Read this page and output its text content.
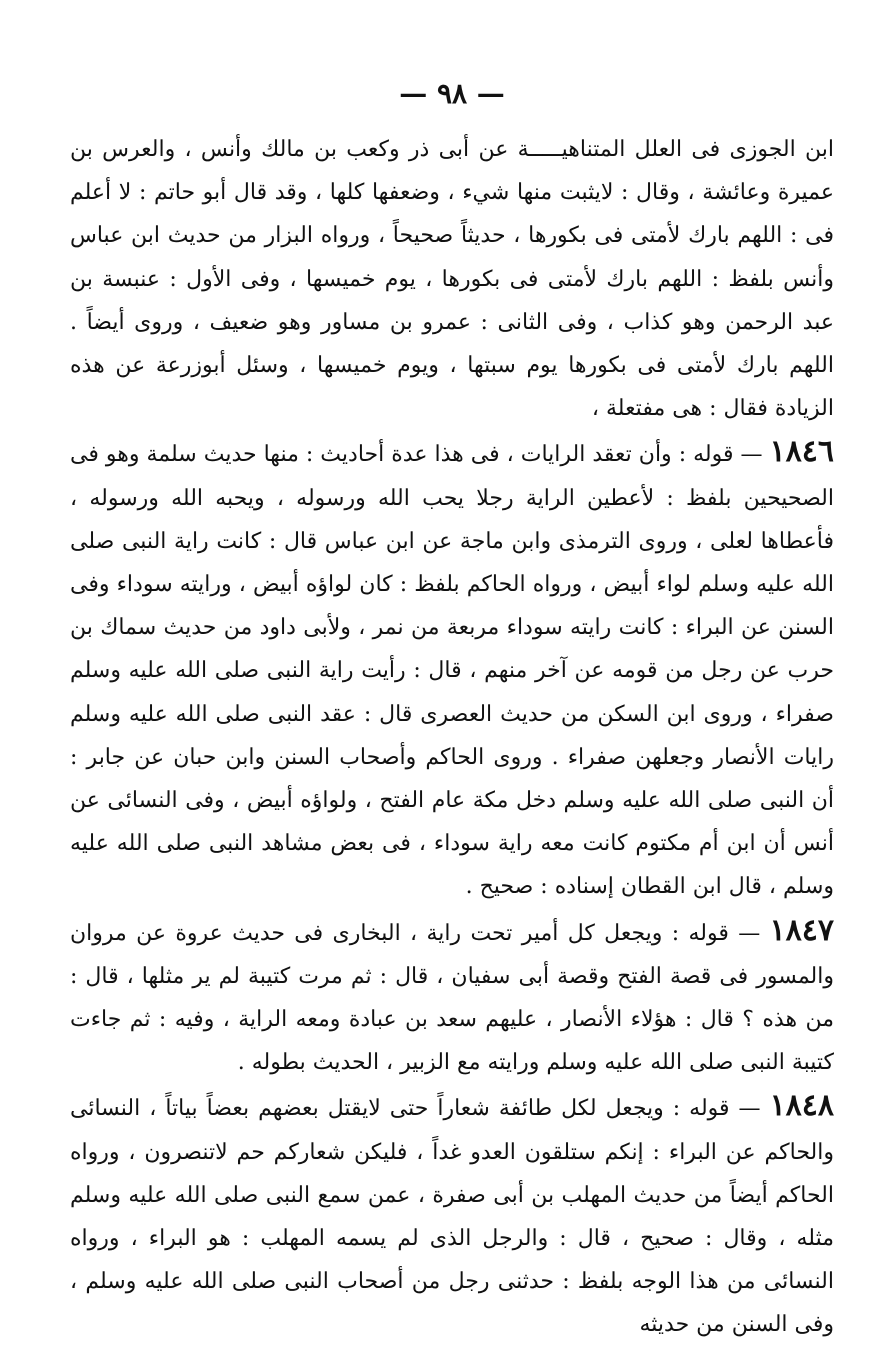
— ٩٨ —

ابن الجوزى فى العلل المتناهيـــــة عن أبى ذر وكعب بن مالك وأنس ، والعرس بن عميرة وعائشة ، وقال : لايثبت منها شيء ، وضعفها كلها ، وقد قال أبو حاتم : لا أعلم فى : اللهم بارك لأمتى فى بكورها ، حديثاً صحيحاً ، ورواه البزار من حديث ابن عباس وأنس بلفظ : اللهم بارك لأمتى فى بكورها ، يوم خميسها ، وفى الأول : عنبسة بن عبد الرحمن وهو كذاب ، وفى الثانى : عمرو بن مساور وهو ضعيف ، وروى أيضاً . اللهم بارك لأمتى فى بكورها يوم سبتها ، ويوم خميسها ، وسئل أبوزرعة عن هذه الزيادة فقال : هى مفتعلة ،

١٨٤٦ — قوله : وأن تعقد الرايات ، فى هذا عدة أحاديث : منها حديث سلمة وهو فى الصحيحين بلفظ : لأعطين الراية رجلا يحب الله ورسوله ، ويحبه الله ورسوله ، فأعطاها لعلى ، وروى الترمذى وابن ماجة عن ابن عباس قال : كانت راية النبى صلى الله عليه وسلم لواء أبيض ، ورواه الحاكم بلفظ : كان لواؤه أبيض ، ورايته سوداء وفى السنن عن البراء : كانت رايته سوداء مربعة من نمر ، ولأبى داود من حديث سماك بن حرب عن رجل من قومه عن آخر منهم ، قال : رأيت راية النبى صلى الله عليه وسلم صفراء ، وروى ابن السكن من حديث العصرى قال : عقد النبى صلى الله عليه وسلم رايات الأنصار وجعلهن صفراء . وروى الحاكم وأصحاب السنن وابن حبان عن جابر : أن النبى صلى الله عليه وسلم دخل مكة عام الفتح ، ولواؤه أبيض ، وفى النسائى عن أنس أن ابن أم مكتوم كانت معه راية سوداء ، فى بعض مشاهد النبى صلى الله عليه وسلم ، قال ابن القطان إسناده : صحيح .

١٨٤٧ — قوله : ويجعل كل أمير تحت راية ، البخارى فى حديث عروة عن مروان والمسور فى قصة الفتح وقصة أبى سفيان ، قال : ثم مرت كتيبة لم ير مثلها ، قال : من هذه ؟ قال : هؤلاء الأنصار ، عليهم سعد بن عبادة ومعه الراية ، وفيه : ثم جاءت كتيبة النبى صلى الله عليه وسلم ورايته مع الزبير ، الحديث بطوله .

١٨٤٨ — قوله : ويجعل لكل طائفة شعاراً حتى لايقتل بعضهم بعضاً بياتاً ، النسائى والحاكم عن البراء : إنكم ستلقون العدو غداً ، فليكن شعاركم حم لاتنصرون ، ورواه الحاكم أيضاً من حديث المهلب بن أبى صفرة ، عمن سمع النبى صلى الله عليه وسلم مثله ، وقال : صحيح ، قال : والرجل الذى لم يسمه المهلب : هو البراء ، ورواه النسائى من هذا الوجه بلفظ : حدثنى رجل من أصحاب النبى صلى الله عليه وسلم ، وفى السنن من حديثه
